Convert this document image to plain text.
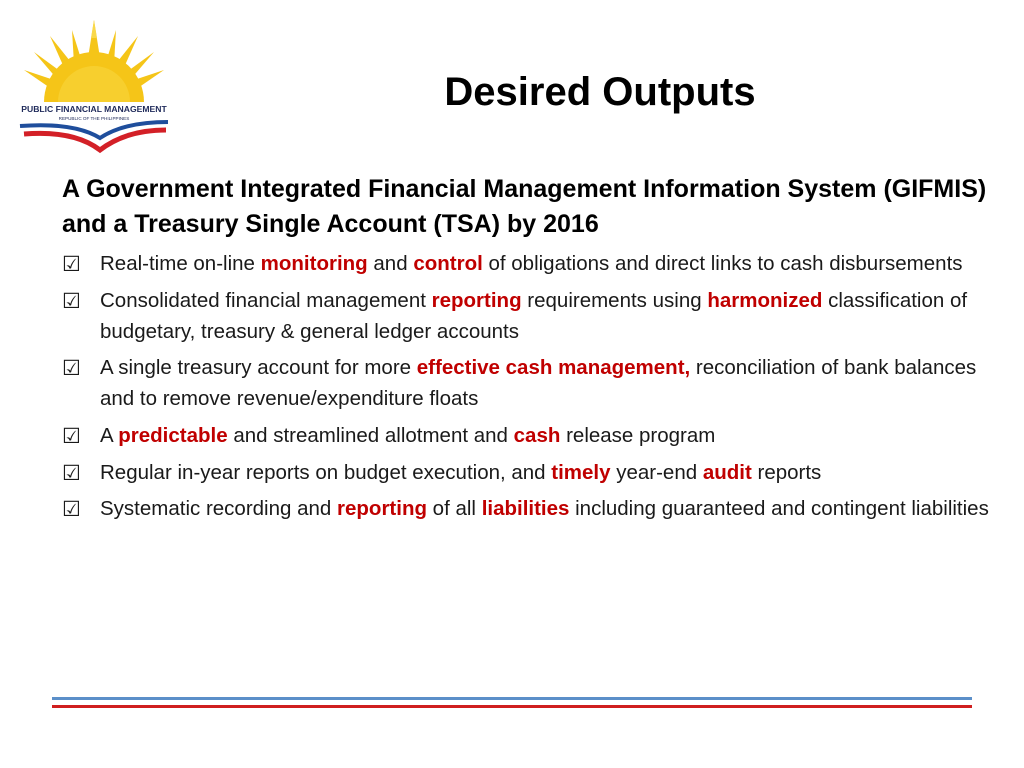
PUBLIC FINANCIAL MANAGEMENT
REPUBLIC OF THE PHILIPPINES
Desired Outputs

A Government Integrated Financial Management Information System (GIFMIS) and a Treasury Single Account (TSA) by 2016

☑ Real-time on-line monitoring and control of obligations and direct links to cash disbursements
☑ Consolidated financial management reporting requirements using harmonized classification of budgetary, treasury & general ledger accounts
☑ A single treasury account for more effective cash management, reconciliation of bank balances and to remove revenue/expenditure floats
☑ A predictable and streamlined allotment and cash release program
☑ Regular in-year reports on budget execution, and timely year-end audit reports
☑ Systematic recording and reporting of all liabilities including guaranteed and contingent liabilities
